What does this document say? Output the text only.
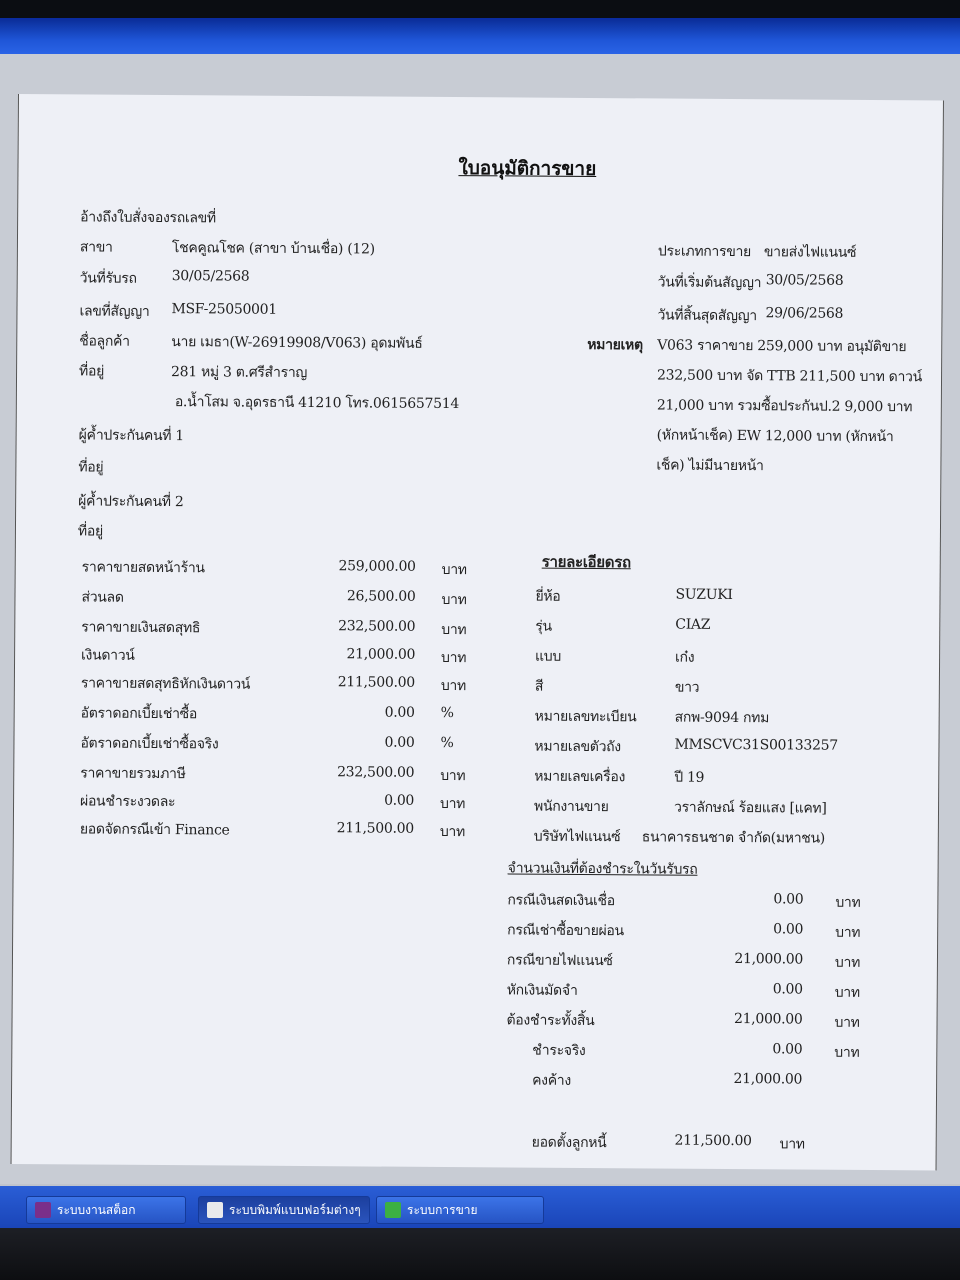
ใบอนุมัติการขาย
อ้างถึงใบสั่งจองรถเลขที่
สาขา	โชคคูณโชค (สาขา บ้านเชื่อ) (12)
วันที่รับรถ 30/05/2568
เลขที่สัญญา MSF-25050001
ชื่อลูกค้า	นาย เมธา(W-26919908/V063) อุดมพันธ์
ที่อยู่	281 หมู่ 3 ต.ศรีสำราญ
อ.น้ำโสม จ.อุดรธานี 41210 โทร.0615657514
ผู้ค้ำประกันคนที่ 1
ที่อยู่
ผู้ค้ำประกันคนที่ 2
ที่อยู่
ประเภทการขาย ขายส่งไฟแนนซ์
วันที่เริ่มต้นสัญญา 30/05/2568
วันที่สิ้นสุดสัญญา 29/06/2568
หมายเหตุ V063 ราคาขาย 259,000 บาท อนุมัติขาย
232,500 บาท จัด TTB 211,500 บาท ดาวน์
21,000 บาท รวมซื้อประกันป.2 9,000 บาท
(หักหน้าเช็ค) EW 12,000 บาท (หักหน้า
เช็ค) ไม่มีนายหน้า
ราคาขายสดหน้าร้าน	259,000.00 บาท
ส่วนลด	26,500.00 บาท
ราคาขายเงินสดสุทธิ	232,500.00 บาท
เงินดาวน์	21,000.00 บาท
ราคาขายสดสุทธิหักเงินดาวน์	211,500.00 บาท
อัตราดอกเบี้ยเช่าซื้อ	0.00 %
อัตราดอกเบี้ยเช่าซื้อจริง	0.00 %
ราคาขายรวมภาษี	232,500.00 บาท
ผ่อนชำระงวดละ	0.00 บาท
ยอดจัดกรณีเข้า Finance	211,500.00 บาท
รายละเอียดรถ
ยี่ห้อ	SUZUKI
รุ่น	CIAZ
แบบ	เก๋ง
สี	ขาว
หมายเลขทะเบียน	สกพ-9094 กทม
หมายเลขตัวถัง	MMSCVC31S00133257
หมายเลขเครื่อง	ปี 19
พนักงานขาย	วราลักษณ์ ร้อยแสง [แคท]
บริษัทไฟแนนซ์ ธนาคารธนชาต จำกัด(มหาชน)
จำนวนเงินที่ต้องชำระในวันรับรถ
กรณีเงินสดเงินเชื่อ	0.00 บาท
กรณีเช่าซื้อขายผ่อน	0.00 บาท
กรณีขายไฟแนนซ์	21,000.00 บาท
หักเงินมัดจำ	0.00 บาท
ต้องชำระทั้งสิ้น	21,000.00 บาท
ชำระจริง	0.00 บาท
คงค้าง	21,000.00
ยอดตั้งลูกหนี้	211,500.00 บาท
ระบบงานสต็อก	ระบบพิมพ์แบบฟอร์มต่างๆ	ระบบการขาย
